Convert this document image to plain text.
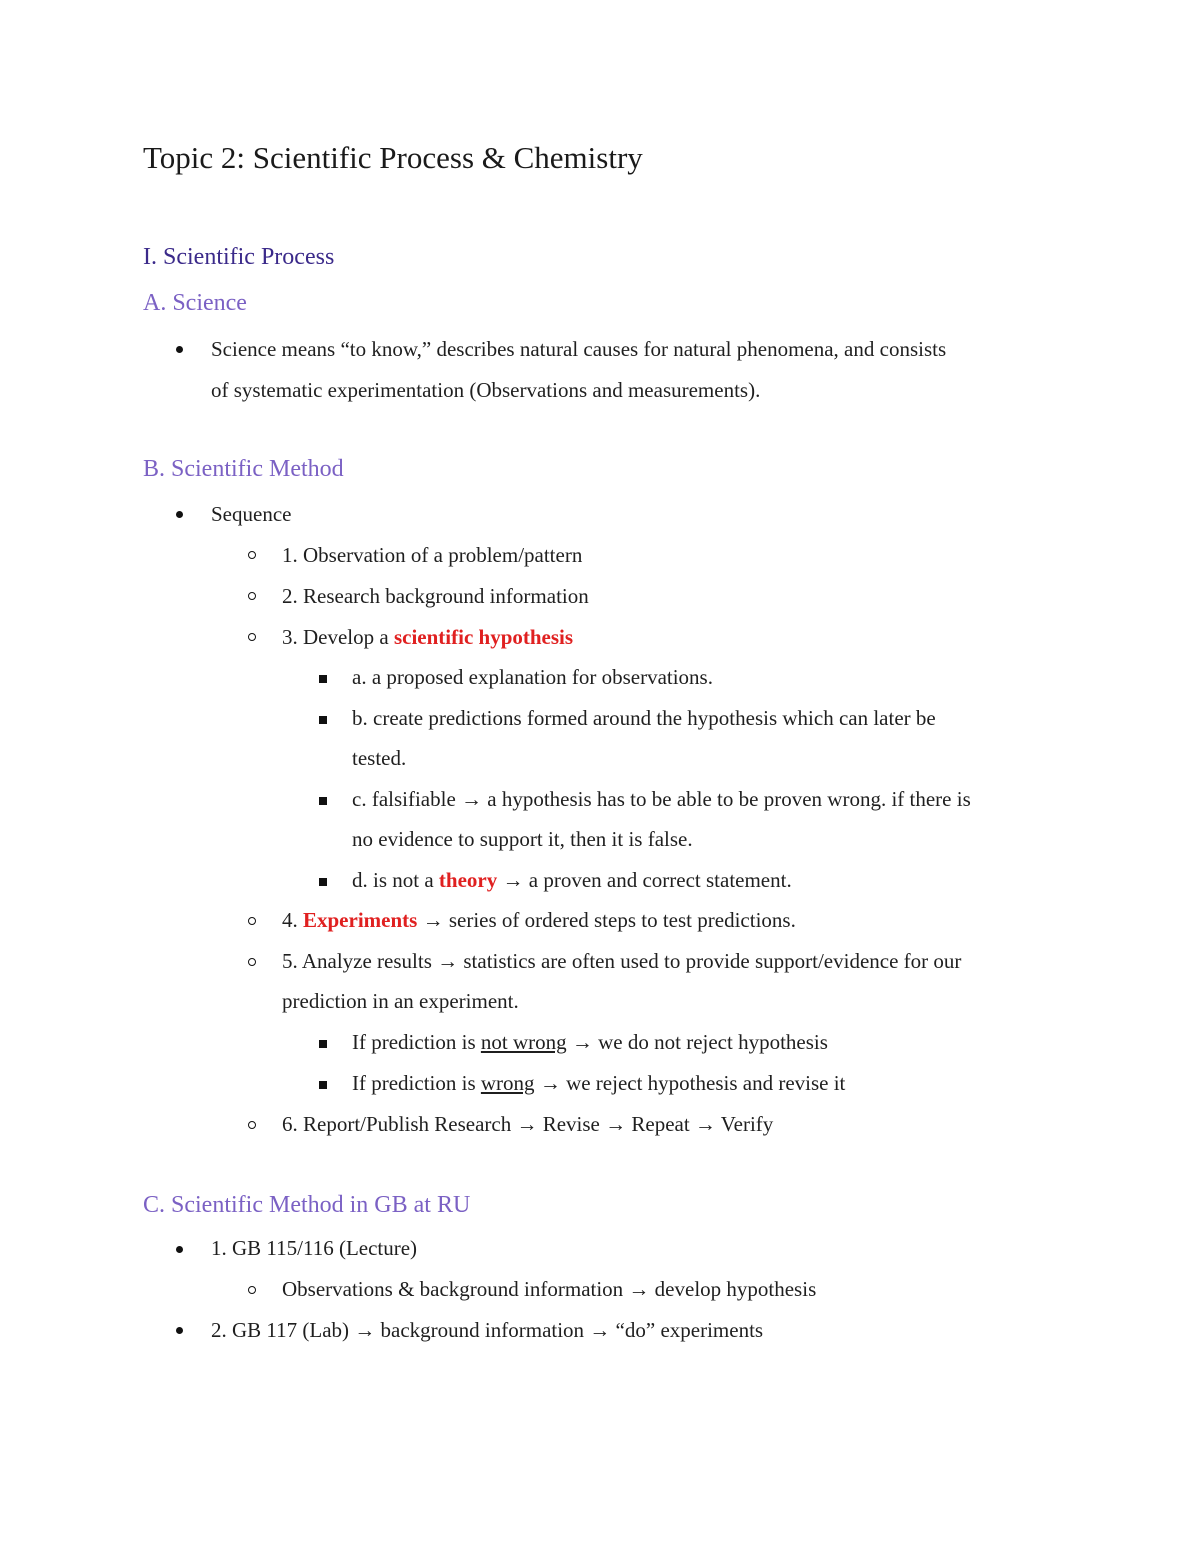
Topic 2: Scientific Process & Chemistry
I. Scientific Process
A. Science
Science means “to know,” describes natural causes for natural phenomena, and consists
of systematic experimentation (Observations and measurements).
B. Scientific Method
Sequence
1. Observation of a problem/pattern
2. Research background information
3. Develop a scientific hypothesis
a. a proposed explanation for observations.
b. create predictions formed around the hypothesis which can later be
tested.
c. falsifiable → a hypothesis has to be able to be proven wrong. if there is
no evidence to support it, then it is false.
d. is not a theory → a proven and correct statement.
4. Experiments → series of ordered steps to test predictions.
5. Analyze results → statistics are often used to provide support/evidence for our
prediction in an experiment.
If prediction is not wrong → we do not reject hypothesis
If prediction is wrong → we reject hypothesis and revise it
6. Report/Publish Research → Revise → Repeat → Verify
C. Scientific Method in GB at RU
1. GB 115/116 (Lecture)
Observations & background information → develop hypothesis
2. GB 117 (Lab) → background information → “do” experiments
